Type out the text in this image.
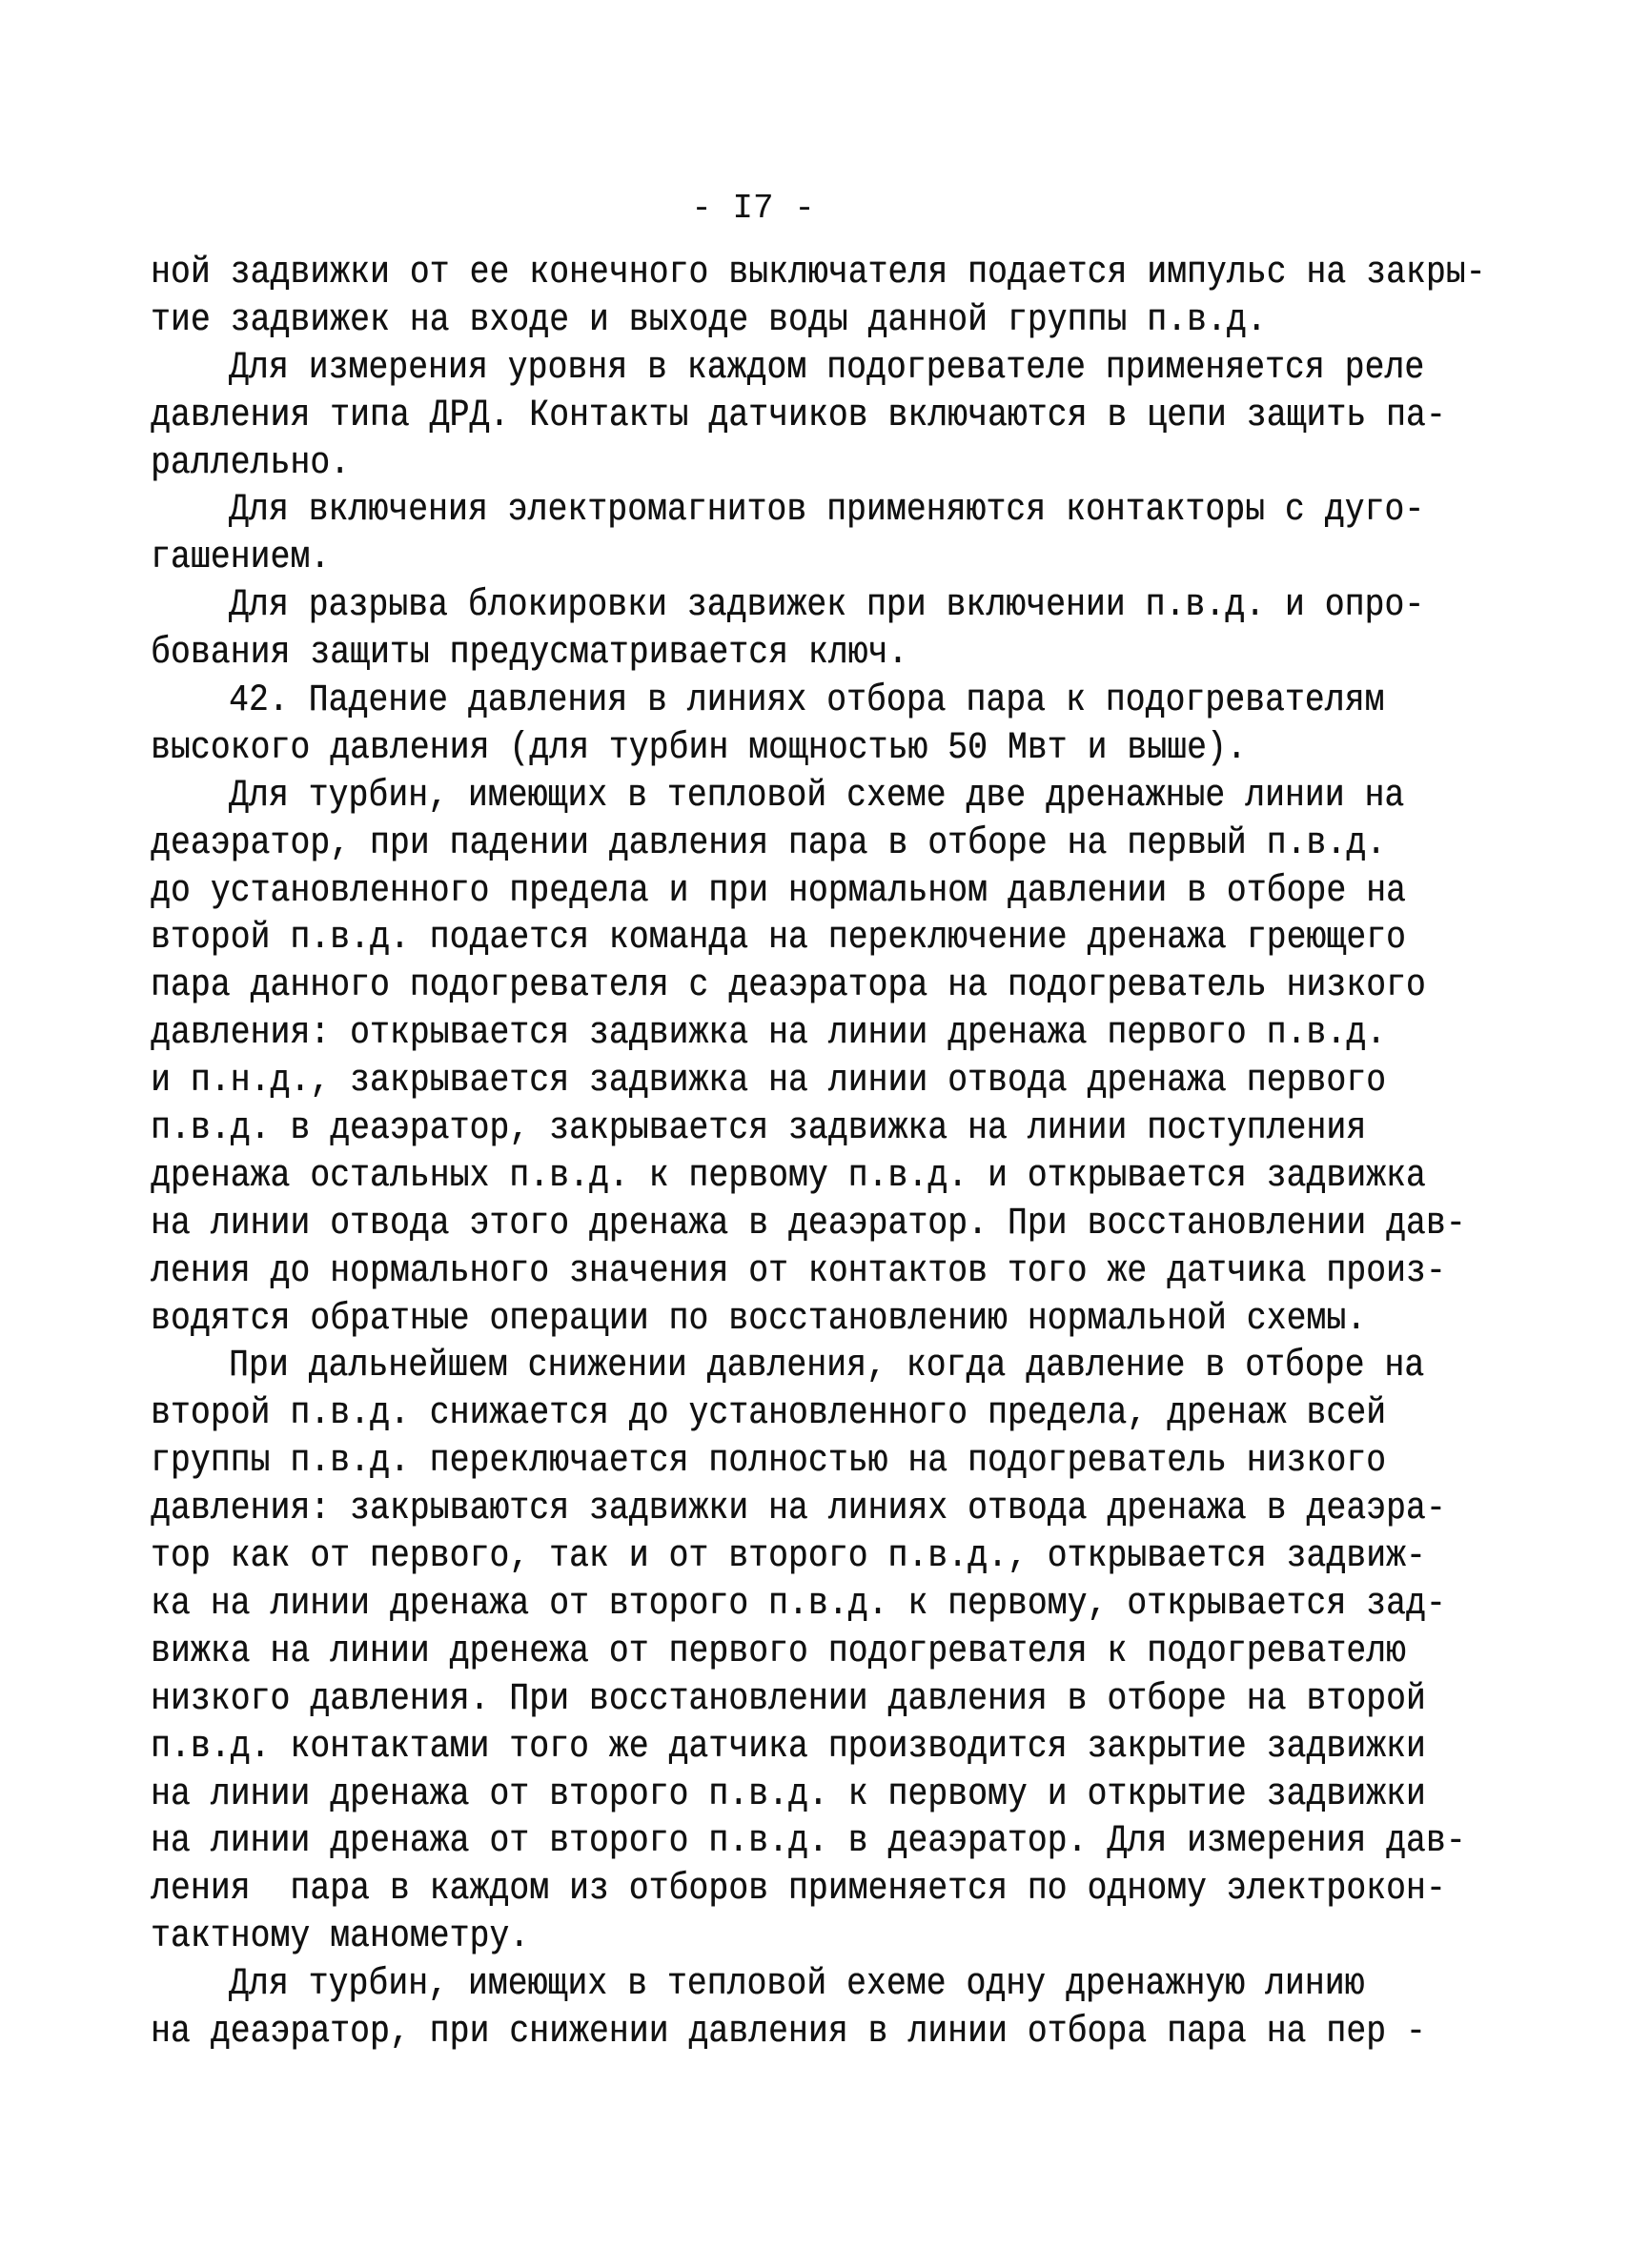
- I7 -
ной задвижки от ее конечного выключателя подается импульс на закры-
тие задвижек на входе и выходе воды данной группы п.в.д.
Для измерения уровня в каждом подогревателе применяется реле
давления типа ДРД. Контакты датчиков включаются в цепи защить па-
раллельно.
Для включения электромагнитов применяются контакторы с дуго-
гашением.
Для разрыва блокировки задвижек при включении п.в.д. и опро-
бования защиты предусматривается ключ.
42. Падение давления в линиях отбора пара к подогревателям
высокого давления (для турбин мощностью 50 Мвт и выше).
Для турбин, имеющих в тепловой схеме две дренажные линии на
деаэратор, при падении давления пара в отборе на первый п.в.д.
до установленного предела и при нормальном давлении в отборе на
второй п.в.д. подается команда на переключение дренажа греющего
пара данного подогревателя с деаэратора на подогреватель низкого
давления: открывается задвижка на линии дренажа первого п.в.д.
и п.н.д., закрывается задвижка на линии отвода дренажа первого
п.в.д. в деаэратор, закрывается задвижка на линии поступления
дренажа остальных п.в.д. к первому п.в.д. и открывается задвижка
на линии отвода этого дренажа в деаэратор. При восстановлении дав-
ления до нормального значения от контактов того же датчика произ-
водятся обратные операции по восстановлению нормальной схемы.
При дальнейшем снижении давления, когда давление в отборе на
второй п.в.д. снижается до установленного предела, дренаж всей
группы п.в.д. переключается полностью на подогреватель низкого
давления: закрываются задвижки на линиях отвода дренажа в деаэра-
тор как от первого, так и от второго п.в.д., открывается задвиж-
ка на линии дренажа от второго п.в.д. к первому, открывается зад-
вижка на линии дренежа от первого подогревателя к подогревателю
низкого давления. При восстановлении давления в отборе на второй
п.в.д. контактами того же датчика производится закрытие задвижки
на линии дренажа от второго п.в.д. к первому и открытие задвижки
на линии дренажа от второго п.в.д. в деаэратор. Для измерения дав-
ления  пара в каждом из отборов применяется по одному электрокон-
тактному манометру.
Для турбин, имеющих в тепловой ехеме одну дренажную линию
на деаэратор, при снижении давления в линии отбора пара на пер -
